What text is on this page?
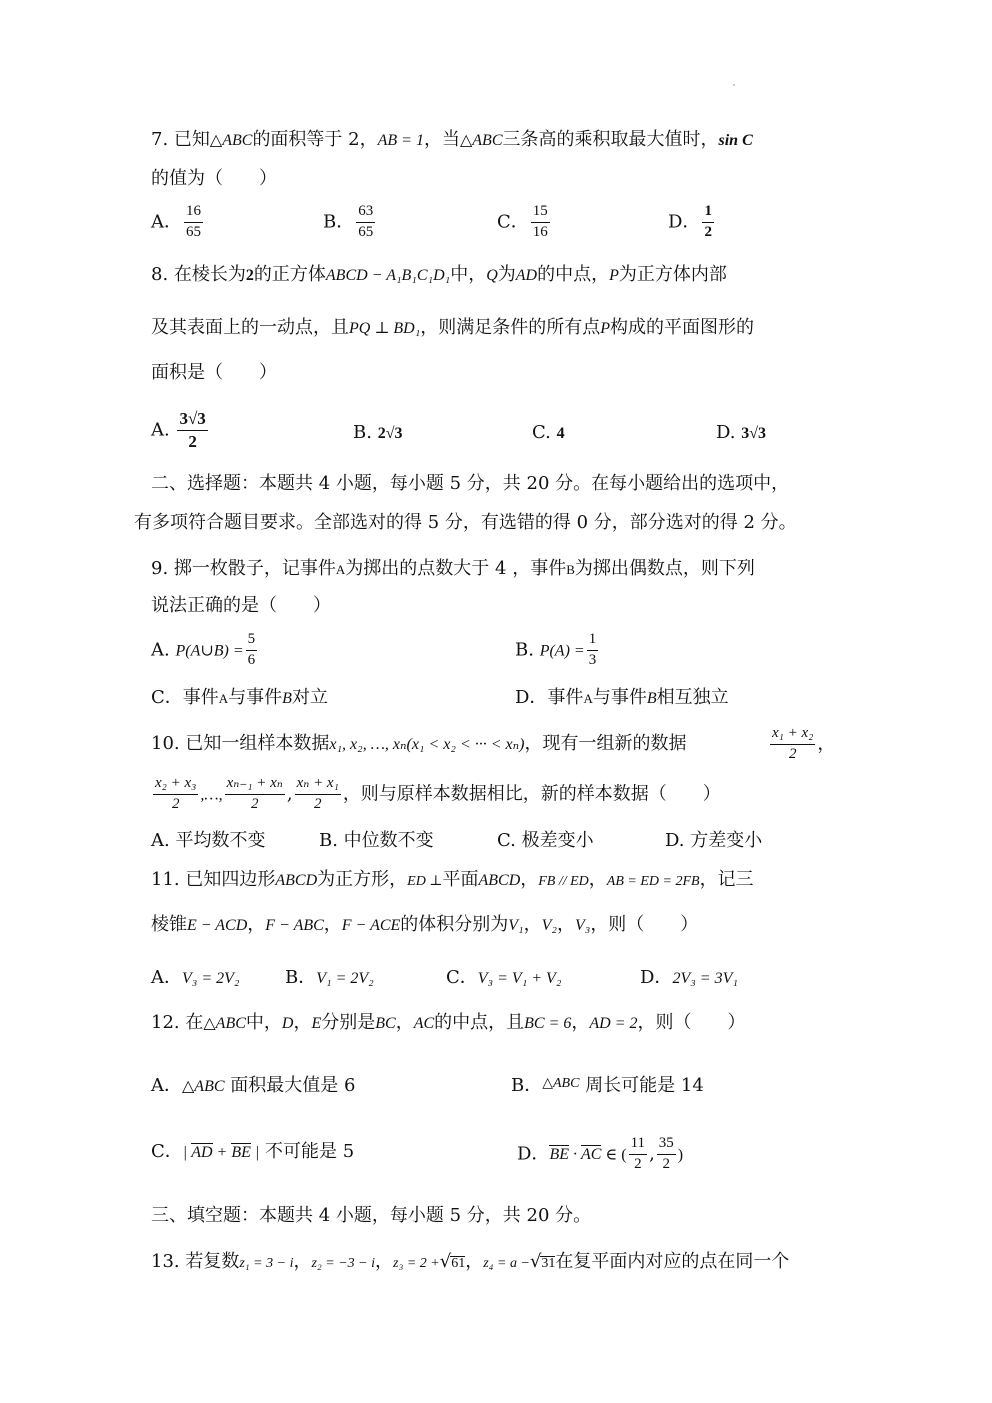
7. 已知△ABC的面积等于 2，AB = 1，当△ABC三条高的乘积取最大值时，sin C
的值为（　　）
A． $\frac{16}{65}$	B． $\frac{63}{65}$	C． $\frac{15}{16}$	D． $\frac{1}{2}$
8. 在棱长为2的正方体ABCD − A₁B₁C₁D₁中，Q为AD的中点，P为正方体内部
及其表面上的一动点，且PQ ⊥ BD₁，则满足条件的所有点P构成的平面图形的
面积是（　　）
A. $\frac{3√3}{2}$	B. 2√3	C. 4	D. 3√3
二、选择题：本题共 4 小题，每小题 5 分，共 20 分。在每小题给出的选项中，
有多项符合题目要求。全部选对的得 5 分，有选错的得 0 分，部分选对的得 2 分。
9. 掷一枚骰子，记事件A为掷出的点数大于 4 ，事件B为掷出偶数点，则下列
说法正确的是（　　）
A. P(A∪B) = $\frac{5}{6}$	B. $P(A) = \frac{1}{3}$
C．事件A与事件B对立	D．事件A与事件B相互独立
10. 已知一组样本数据x₁, x₂, …, xₙ(x₁ < x₂ < ··· < xₙ)，现有一组新的数据	$\frac{\text{x₁ + x₂}}{2}$ ，
$\frac{\text{x₂ + x₃}}{2}$ ,…, $\frac{\text{xₙ₋₁ + xₙ}}{2}$ , $\frac{\text{xₙ + x₁}}{2}$ ，则与原样本数据相比，新的样本数据（　　）
A. 平均数不变	B. 中位数不变	C. 极差变小	D. 方差变小
11. 已知四边形ABCD为正方形，ED ⊥平面ABCD，FB // ED，AB = ED = 2FB，记三
棱锥E − ACD，F − ABC，F − ACE的体积分别为V₁，V₂，V₃，则（　　）
A．V₃ = 2V₂	B．V₁ = 2V₂	C．V₃ = V₁ + V₂	D．2V₃ = 3V₁
12. 在△ABC中，D，E分别是BC，AC的中点，且BC = 6，AD = 2，则（　　）
A．△ABC 面积最大值是 6	B．$^{\triangle ABC}$ 周长可能是 14
C．| AD + BE | 不可能是 5	D．BE · AC ∈ ( $\frac{11}{2}$ , $\frac{35}{2}$ )
三、填空题：本题共 4 小题，每小题 5 分，共 20 分。
13. 若复数z₁ = 3 − i，z₂ = −3 − i，z₃ = 2 +√61，z₄ = a −√31在复平面内对应的点在同一个
